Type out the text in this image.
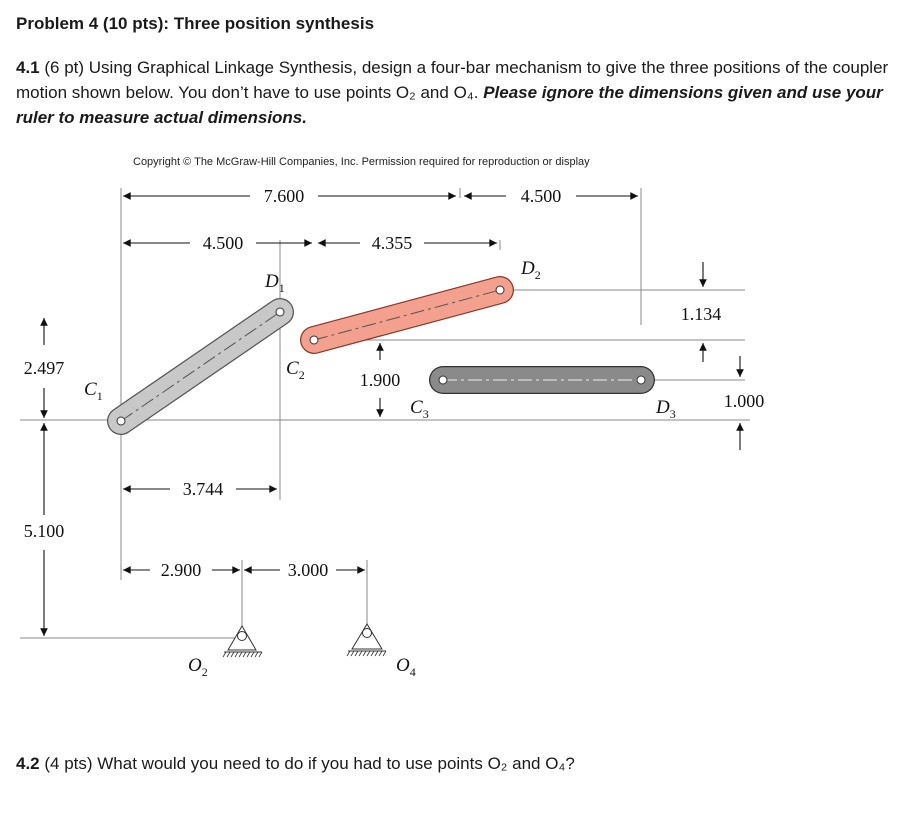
Problem 4 (10 pts): Three position synthesis
4.1 (6 pt) Using Graphical Linkage Synthesis, design a four-bar mechanism to give the three positions of the coupler motion shown below. You don’t have to use points O₂ and O₄. Please ignore the dimensions given and use your ruler to measure actual dimensions.
Copyright © The McGraw-Hill Companies, Inc. Permission required for reproduction or display
7.600	4.500
4.500	4.355
1.134
2.497
1.900
1.000
5.100
3.744
2.900	3.000
$C_1$
$C_2$
$C_3$
$D_1$
$D_2$
$D_3$
$O_2$	$O_4$
4.2 (4 pts) What would you need to do if you had to use points O₂ and O₄?
